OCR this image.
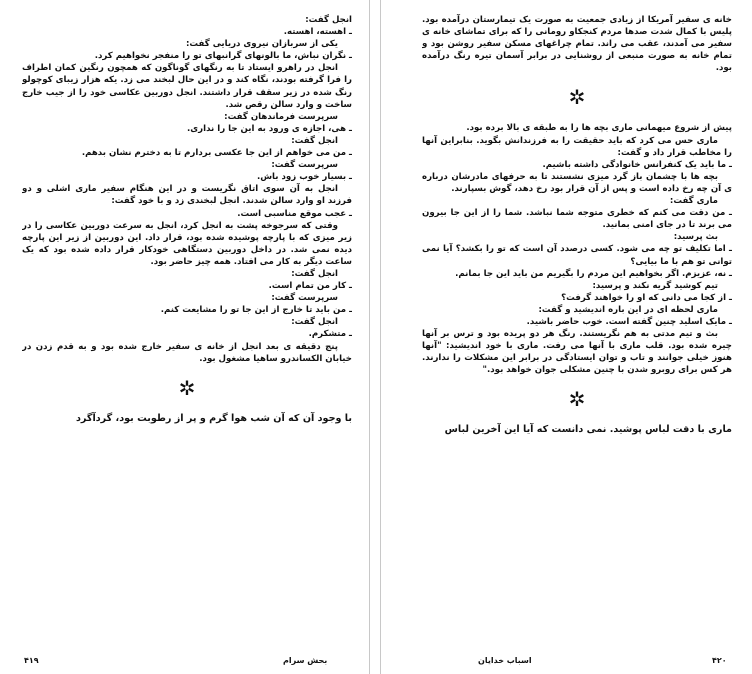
انجل گفت:

ـ اهسته، اهسته.

یکی از سربازان نیروی دریایی گفت:

ـ نگران نباش، ما بالونهای گرانبهای تو را منفجر نخواهیم کرد.

انجل در راهرو ایستاد تا به رنگهای گوناگون که همچون رنگین کمان اطراف را فرا گرفته بودند، نگاه کند و در این حال لبخند می زد. یکه هزار زیبای کوچولو رنگ شده در زیر سقف قرار داشتند. انجل دوربین عکاسی خود را از جیب خارج ساخت و وارد سالن رقص شد.

سرپرست فرماندهان گفت:

ـ هی، اجازه ی ورود به این جا را نداری.

انجل گفت:

ـ من می خواهم از این جا عکسی بردارم تا به دخترم نشان بدهم.

سرپرست گفت:

ـ بسیار خوب زود باش.

انجل به آن سوی اتاق نگریست و در این هنگام سفیر ماری اشلی و دو فرزند او وارد سالن شدند. انجل لبخندی زد و با خود گفت:

ـ عجب موقع مناسبی است.

وقتی که سرجوخه پشت به انجل کرد، انجل به سرعت دوربین عکاسی را در زیر میزی که با پارچه پوشیده شده بود، قرار داد. این دوربین از زیر این پارچه دیده نمی شد. در داخل دوربین دستگاهی خودکار قرار داده شده بود که یک ساعت دیگر به کار می افتاد. همه چیز حاضر بود.

انجل گفت:

ـ کار من تمام است.

سرپرست گفت:

ـ من باید تا خارج از این جا تو را مشایعت کنم.

انجل گفت:

ـ متشکرم.

پنج دقیقه ی بعد انجل از خانه ی سفیر خارج شده بود و به قدم زدن در خیابان الکساندرو ساهیا مشغول بود.

✲

با وجود آن که آن شب هوا گرم و پر از رطوبت بود، گردآگرد

خانه ی سفیر آمریکا از زیادی جمعیت به صورت یک تیمارستان درآمده بود. پلیس با کمال شدت صدها مردم کنجکاو رومانی را که برای تماشای خانه ی سفیر می آمدند، عقب می راند. تمام چراغهای مسکن سفیر روشن بود و تمام خانه به صورت منبعی از روشنایی در برابر آسمان تیره رنگ درآمده بود.

✲

پیش از شروع میهمانی ماری بچه ها را به طبقه ی بالا برده بود.

ماری حس می کرد که باید حقیقت را به فرزندانش بگوید. بنابراین آنها را مخاطب قرار داد و گفت:

ـ ما باید یک کنفرانس خانوادگی داشته باشیم.

بچه ها با چشمان باز گرد میزی نشستند تا به حرفهای مادرشان درباره ی آن چه رخ داده است و پس از آن قرار بود رخ دهد، گوش بسپارند.

ماری گفت:

ـ من دقت می کنم که خطری متوجه شما نباشد. شما را از این جا بیرون می برند تا در جای امنی بمانید.

بث پرسید:

ـ اما تکلیف تو چه می شود. کسی درصدد آن است که تو را بکشد؟ آیا نمی توانی تو هم با ما بیایی؟

ـ نه، عزیزم. اگر بخواهیم این مردم را بگیریم من باید این جا بمانم.

تیم کوشید گریه نکند و پرسید:

ـ از کجا می دانی که او را خواهند گرفت؟

ماری لحظه ای در این باره اندیشید و گفت:

ـ مایک اسلید چنین گفته است. خوب حاضر باشید.

بث و تیم مدتی به هم نگریستند. رنگ هر دو پریده بود و ترس بر آنها چیره شده بود. قلب ماری با آنها می رفت. ماری با خود اندیشید: "آنها هنوز خیلی جوانند و تاب و توان ایستادگی در برابر این مشکلات را ندارند. هر کس برای روبرو شدن با چنین مشکلی جوان خواهد بود."

✲

ماری با دقت لباس پوشید. نمی دانست که آیا این آخرین لباس

۴۱۹	بحش سرام	اسباب خدایان	۴۲۰
